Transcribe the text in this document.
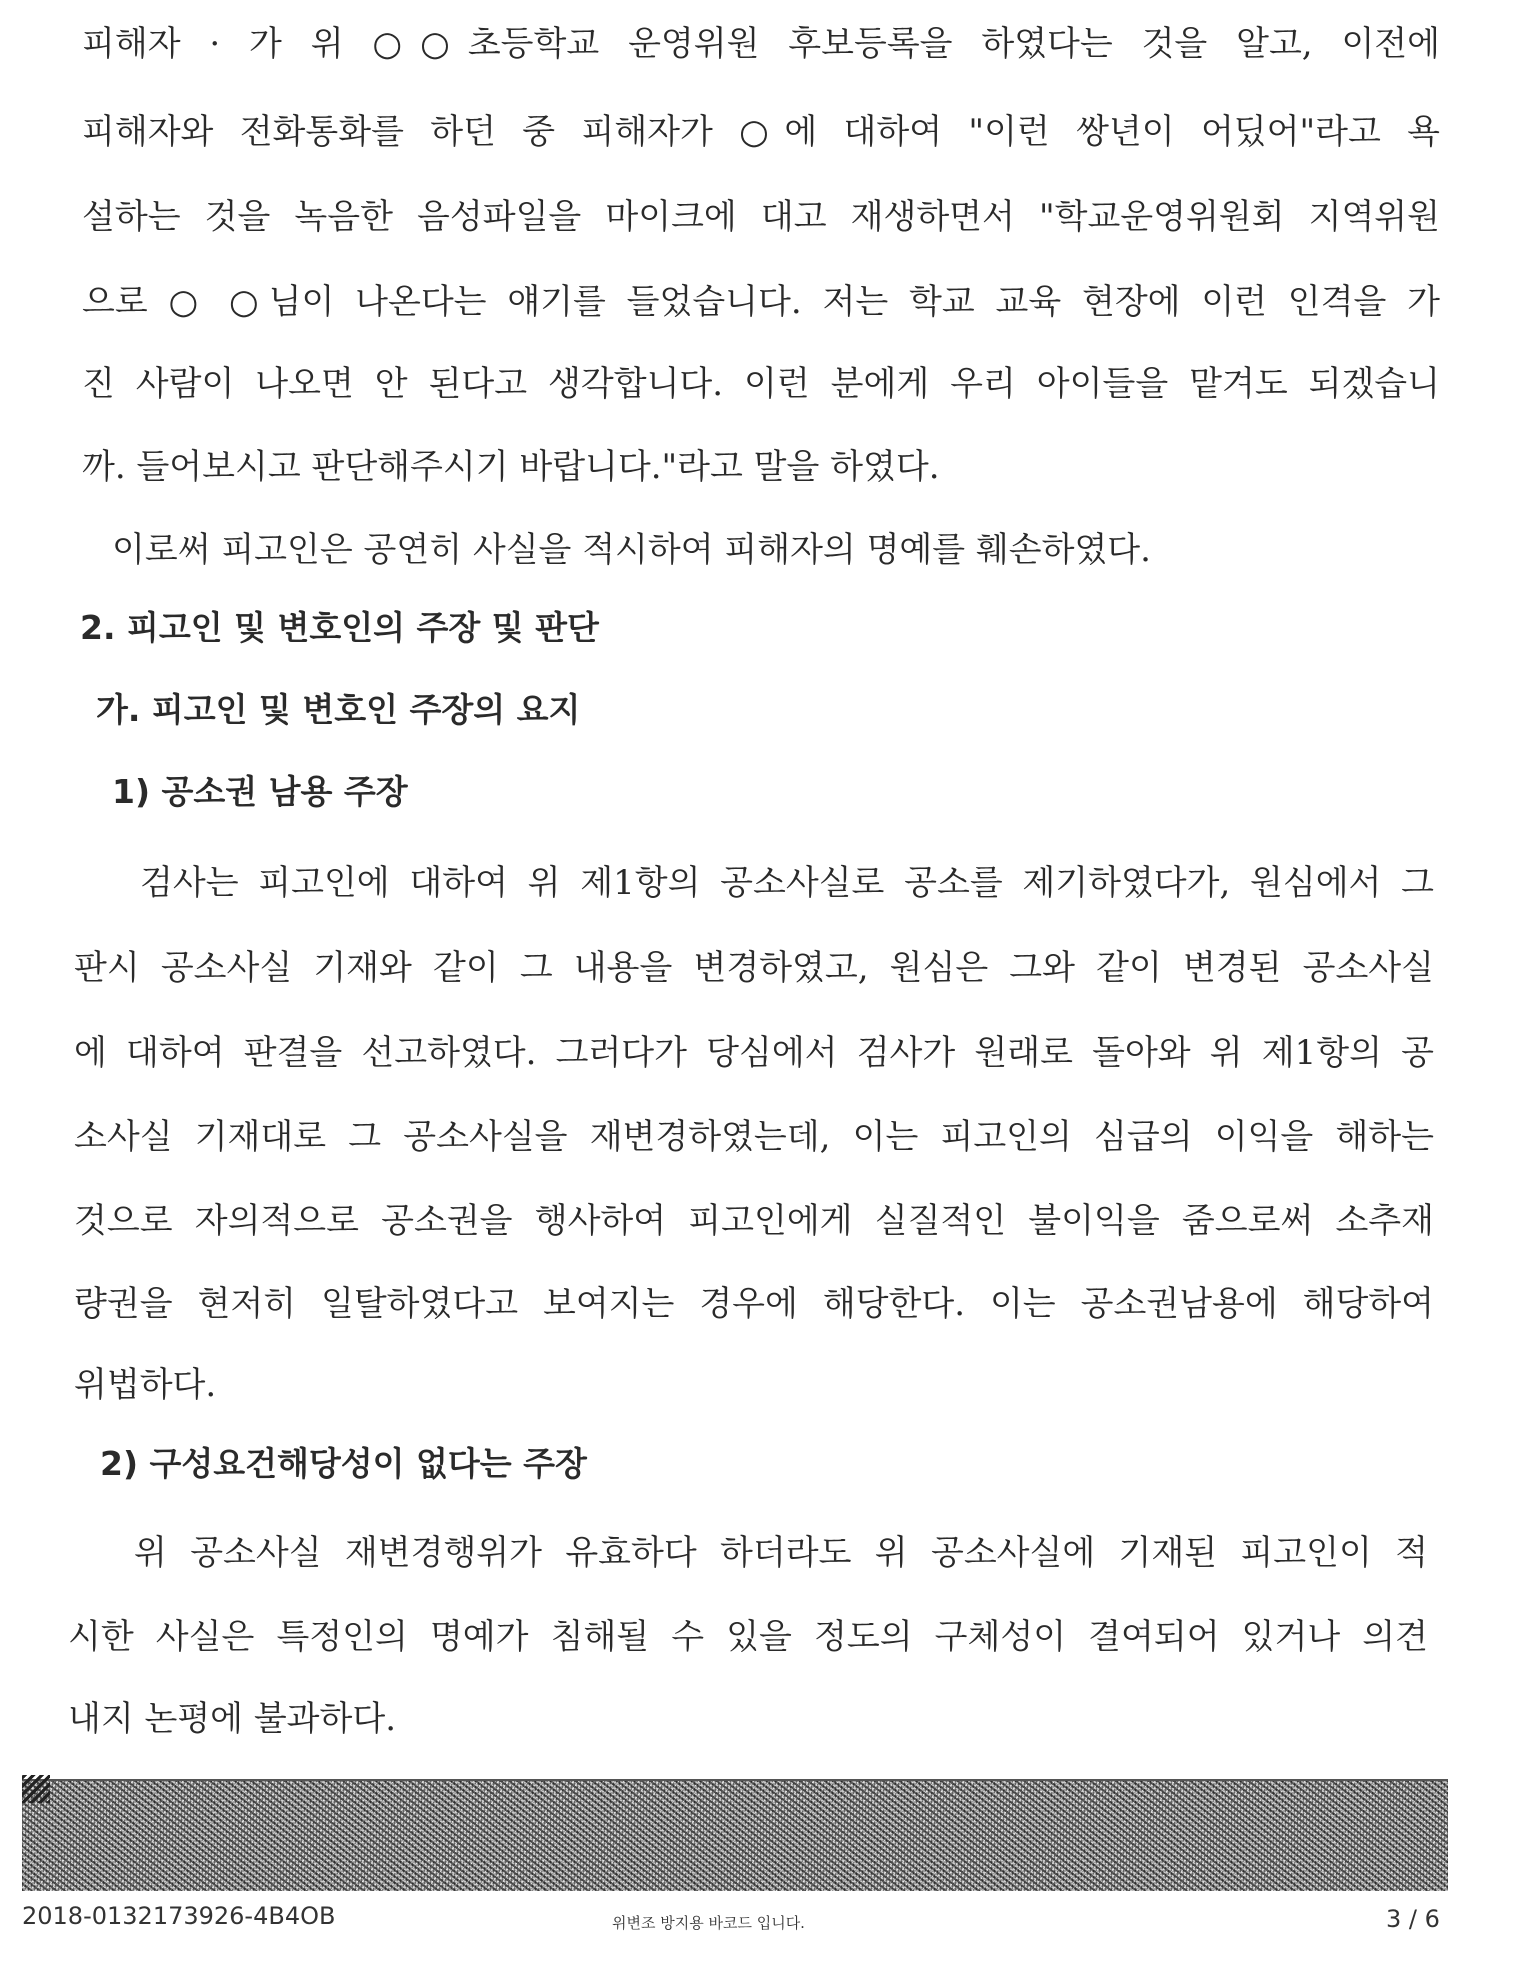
피해자 · 가 위 ○○초등학교 운영위원 후보등록을 하였다는 것을 알고, 이전에
피해자와 전화통화를 하던 중 피해자가 ○에 대하여 "이런 쌍년이 어딨어"라고 욕
설하는 것을 녹음한 음성파일을 마이크에 대고 재생하면서 "학교운영위원회 지역위원
으로 ○ ○님이 나온다는 얘기를 들었습니다. 저는 학교 교육 현장에 이런 인격을 가
진 사람이 나오면 안 된다고 생각합니다. 이런 분에게 우리 아이들을 맡겨도 되겠습니
까. 들어보시고 판단해주시기 바랍니다."라고 말을 하였다.
이로써 피고인은 공연히 사실을 적시하여 피해자의 명예를 훼손하였다.
2. 피고인 및 변호인의 주장 및 판단
가. 피고인 및 변호인 주장의 요지
1) 공소권 남용 주장
검사는 피고인에 대하여 위 제1항의 공소사실로 공소를 제기하였다가, 원심에서 그
판시 공소사실 기재와 같이 그 내용을 변경하였고, 원심은 그와 같이 변경된 공소사실
에 대하여 판결을 선고하였다. 그러다가 당심에서 검사가 원래로 돌아와 위 제1항의 공
소사실 기재대로 그 공소사실을 재변경하였는데, 이는 피고인의 심급의 이익을 해하는
것으로 자의적으로 공소권을 행사하여 피고인에게 실질적인 불이익을 줌으로써 소추재
량권을 현저히 일탈하였다고 보여지는 경우에 해당한다. 이는 공소권남용에 해당하여
위법하다.
2) 구성요건해당성이 없다는 주장
위 공소사실 재변경행위가 유효하다 하더라도 위 공소사실에 기재된 피고인이 적
시한 사실은 특정인의 명예가 침해될 수 있을 정도의 구체성이 결여되어 있거나 의견
내지 논평에 불과하다.
2018-0132173926-4B4OB	위변조 방지용 바코드 입니다.	3 / 6
